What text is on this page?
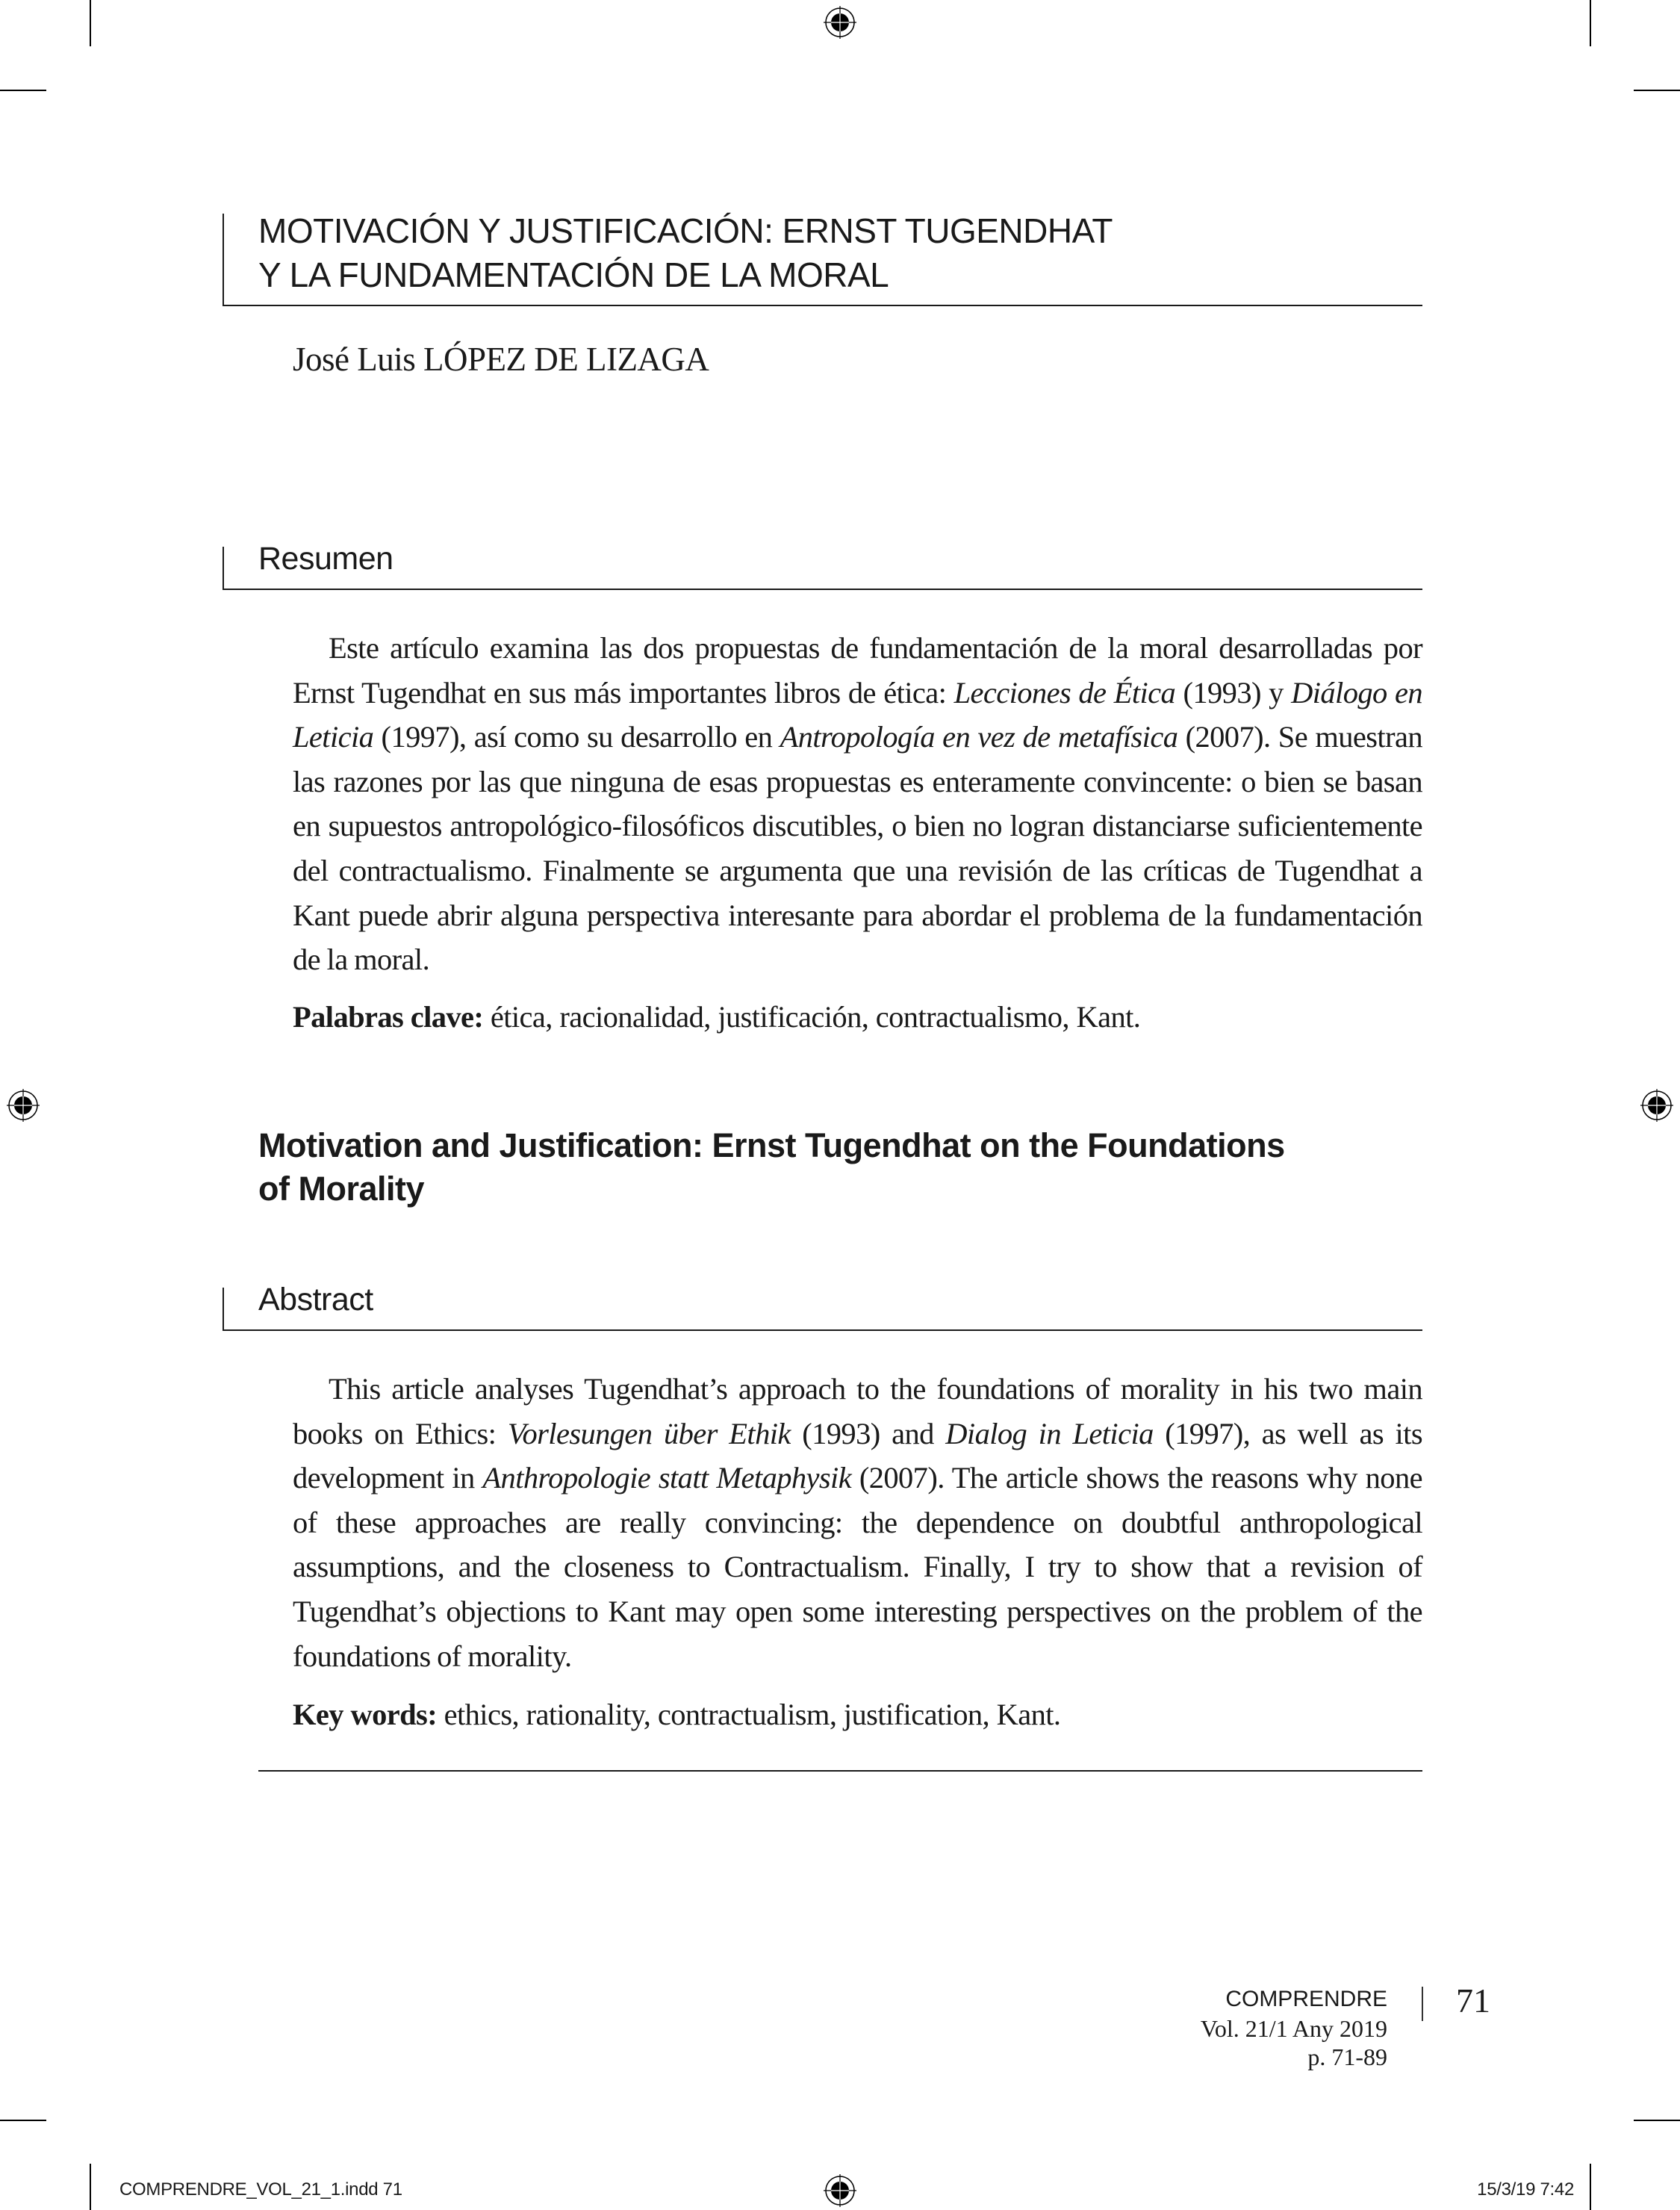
MOTIVACIÓN Y JUSTIFICACIÓN: ERNST TUGENDHAT
Y LA FUNDAMENTACIÓN DE LA MORAL
José Luis LÓPEZ DE LIZAGA
Resumen

Este artículo examina las dos propuestas de fundamentación de la moral desarrolladas por Ernst Tugendhat en sus más importantes libros de ética: Lecciones de Ética (1993) y Diálogo en Leticia (1997), así como su desarrollo en Antropología en vez de metafísica (2007). Se muestran las razones por las que ninguna de esas propuestas es enteramente convincente: o bien se basan en supuestos antropológico-filosóficos discutibles, o bien no logran distanciarse suficientemente del contractualismo. Finalmente se argumenta que una revisión de las críticas de Tugendhat a Kant puede abrir alguna perspectiva interesante para abordar el problema de la fundamentación de la moral.

Palabras clave: ética, racionalidad, justificación, contractualismo, Kant.
Motivation and Justification: Ernst Tugendhat on the Foundations
of Morality
Abstract

This article analyses Tugendhat’s approach to the foundations of morality in his two main books on Ethics: Vorlesungen über Ethik (1993) and Dialog in Leticia (1997), as well as its development in Anthropologie statt Metaphysik (2007). The article shows the reasons why none of these approaches are really convincing: the dependence on doubtful anthropological assumptions, and the closeness to Contractualism. Finally, I try to show that a revision of Tugendhat’s objections to Kant may open some interesting perspectives on the problem of the foundations of morality.

Key words: ethics, rationality, contractualism, justification, Kant.
COMPRENDRE
Vol. 21/1 Any 2019
p. 71-89
71
COMPRENDRE_VOL_21_1.indd 71	15/3/19 7:42
